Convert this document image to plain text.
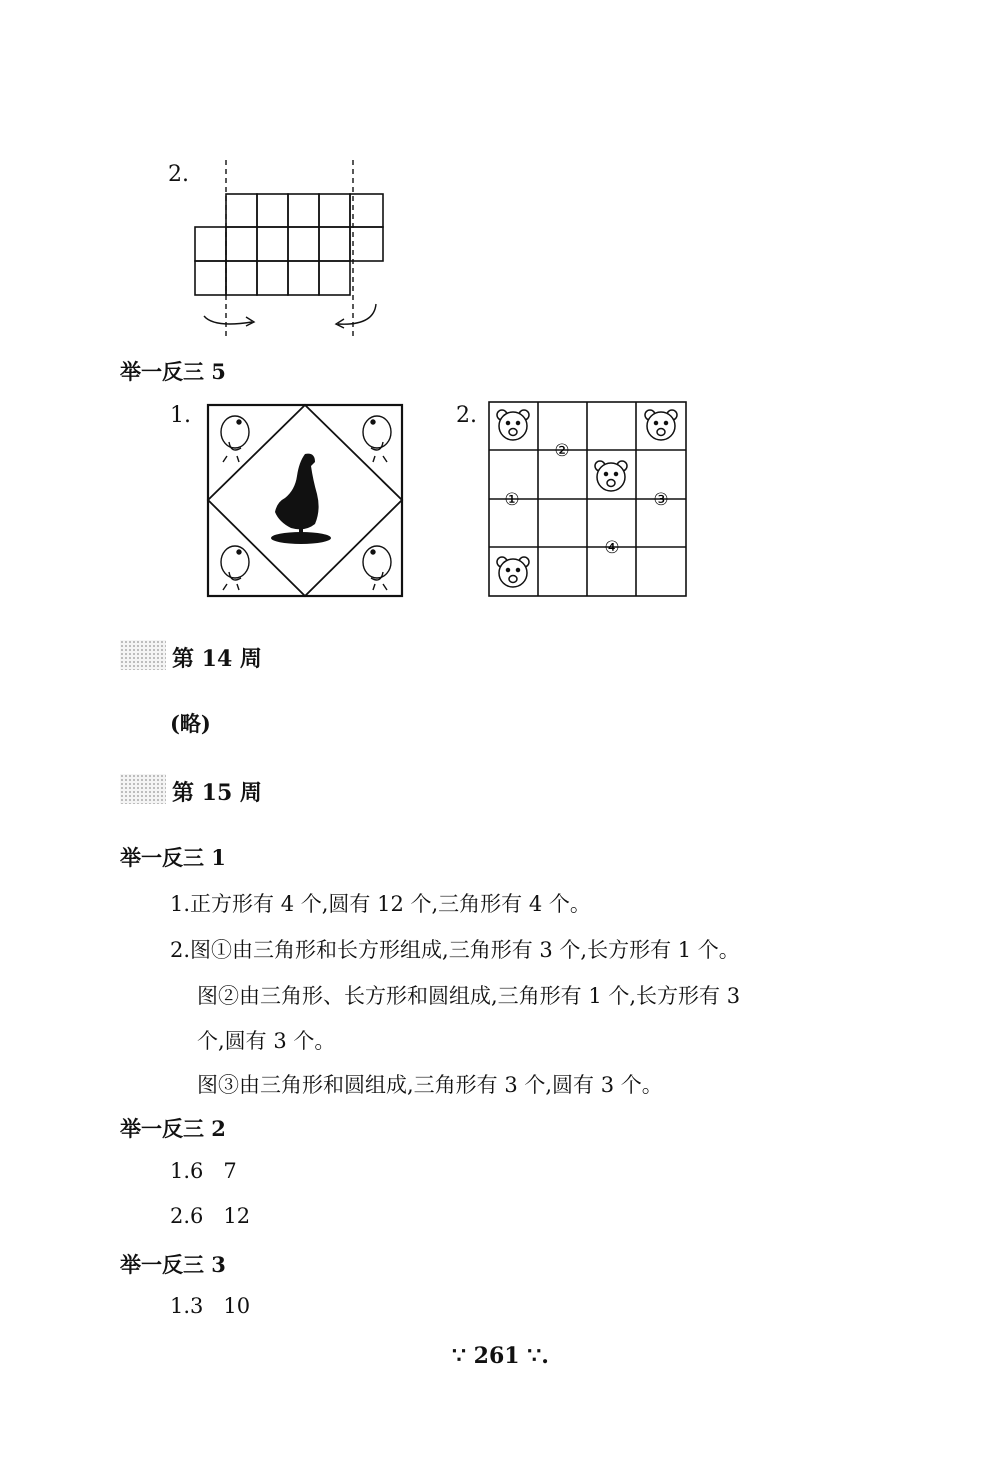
2.
举一反三 5
1.	2.
②
①	③
④
第 14 周
(略)
第 15 周
举一反三 1
1.正方形有 4 个,圆有 12 个,三角形有 4 个。
2.图①由三角形和长方形组成,三角形有 3 个,长方形有 1 个。
图②由三角形、长方形和圆组成,三角形有 1 个,长方形有 3
个,圆有 3 个。
图③由三角形和圆组成,三角形有 3 个,圆有 3 个。
举一反三 2
1.6   7
2.6   12
举一反三 3
1.3   10
∵ 261 ∵.
